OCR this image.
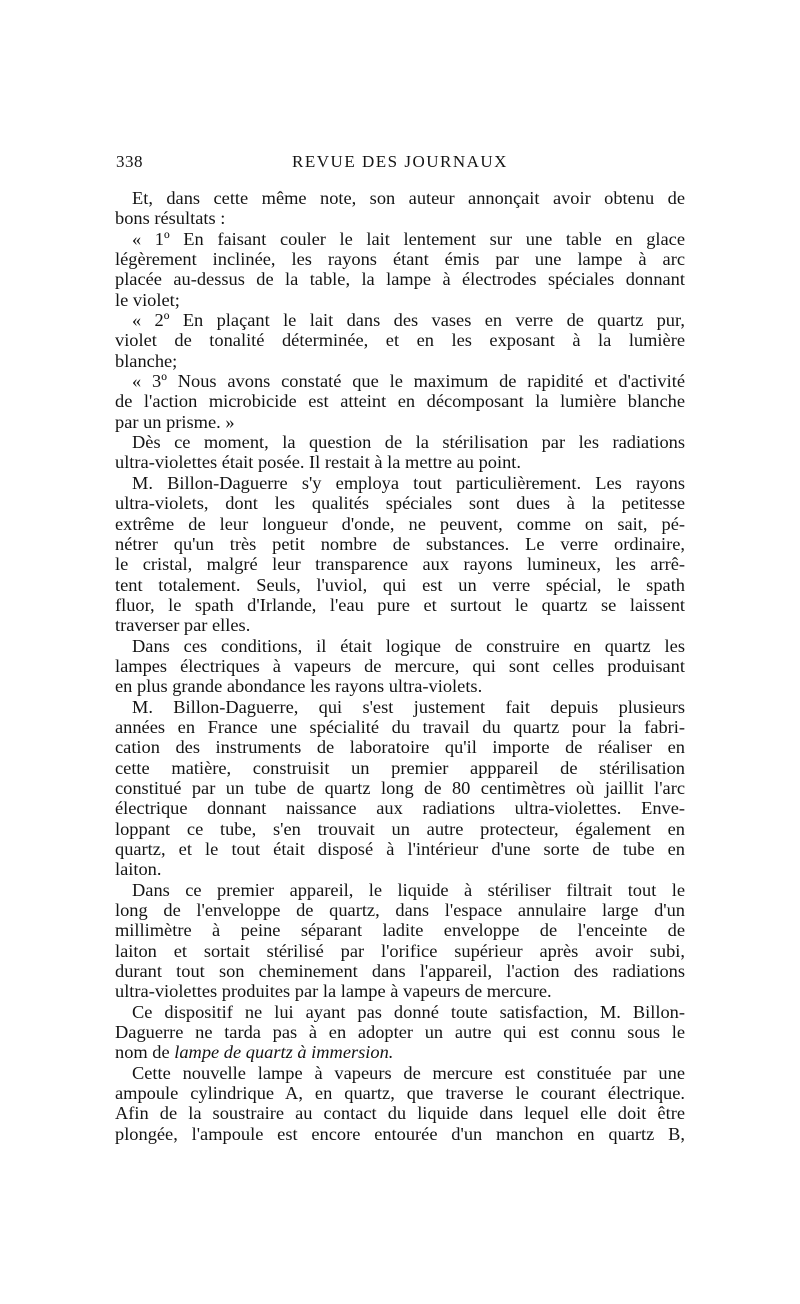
338	REVUE DES JOURNAUX
Et, dans cette même note, son auteur annonçait avoir obtenu de
bons résultats :
« 1º En faisant couler le lait lentement sur une table en glace
légèrement inclinée, les rayons étant émis par une lampe à arc
placée au-dessus de la table, la lampe à électrodes spéciales donnant
le violet;
« 2º En plaçant le lait dans des vases en verre de quartz pur,
violet de tonalité déterminée, et en les exposant à la lumière
blanche;
« 3º Nous avons constaté que le maximum de rapidité et d'activité
de l'action microbicide est atteint en décomposant la lumière blanche
par un prisme. »
Dès ce moment, la question de la stérilisation par les radiations
ultra-violettes était posée. Il restait à la mettre au point.
M. Billon-Daguerre s'y employa tout particulièrement. Les rayons
ultra-violets, dont les qualités spéciales sont dues à la petitesse
extrême de leur longueur d'onde, ne peuvent, comme on sait, pé-
nétrer qu'un très petit nombre de substances. Le verre ordinaire,
le cristal, malgré leur transparence aux rayons lumineux, les arrê-
tent totalement. Seuls, l'uviol, qui est un verre spécial, le spath
fluor, le spath d'Irlande, l'eau pure et surtout le quartz se laissent
traverser par elles.
Dans ces conditions, il était logique de construire en quartz les
lampes électriques à vapeurs de mercure, qui sont celles produisant
en plus grande abondance les rayons ultra-violets.
M. Billon-Daguerre, qui s'est justement fait depuis plusieurs
années en France une spécialité du travail du quartz pour la fabri-
cation des instruments de laboratoire qu'il importe de réaliser en
cette matière, construisit un premier apppareil de stérilisation
constitué par un tube de quartz long de 80 centimètres où jaillit l'arc
électrique donnant naissance aux radiations ultra-violettes. Enve-
loppant ce tube, s'en trouvait un autre protecteur, également en
quartz, et le tout était disposé à l'intérieur d'une sorte de tube en
laiton.
Dans ce premier appareil, le liquide à stériliser filtrait tout le
long de l'enveloppe de quartz, dans l'espace annulaire large d'un
millimètre à peine séparant ladite enveloppe de l'enceinte de
laiton et sortait stérilisé par l'orifice supérieur après avoir subi,
durant tout son cheminement dans l'appareil, l'action des radiations
ultra-violettes produites par la lampe à vapeurs de mercure.
Ce dispositif ne lui ayant pas donné toute satisfaction, M. Billon-
Daguerre ne tarda pas à en adopter un autre qui est connu sous le
nom de lampe de quartz à immersion.
Cette nouvelle lampe à vapeurs de mercure est constituée par une
ampoule cylindrique A, en quartz, que traverse le courant électrique.
Afin de la soustraire au contact du liquide dans lequel elle doit être
plongée, l'ampoule est encore entourée d'un manchon en quartz B,
